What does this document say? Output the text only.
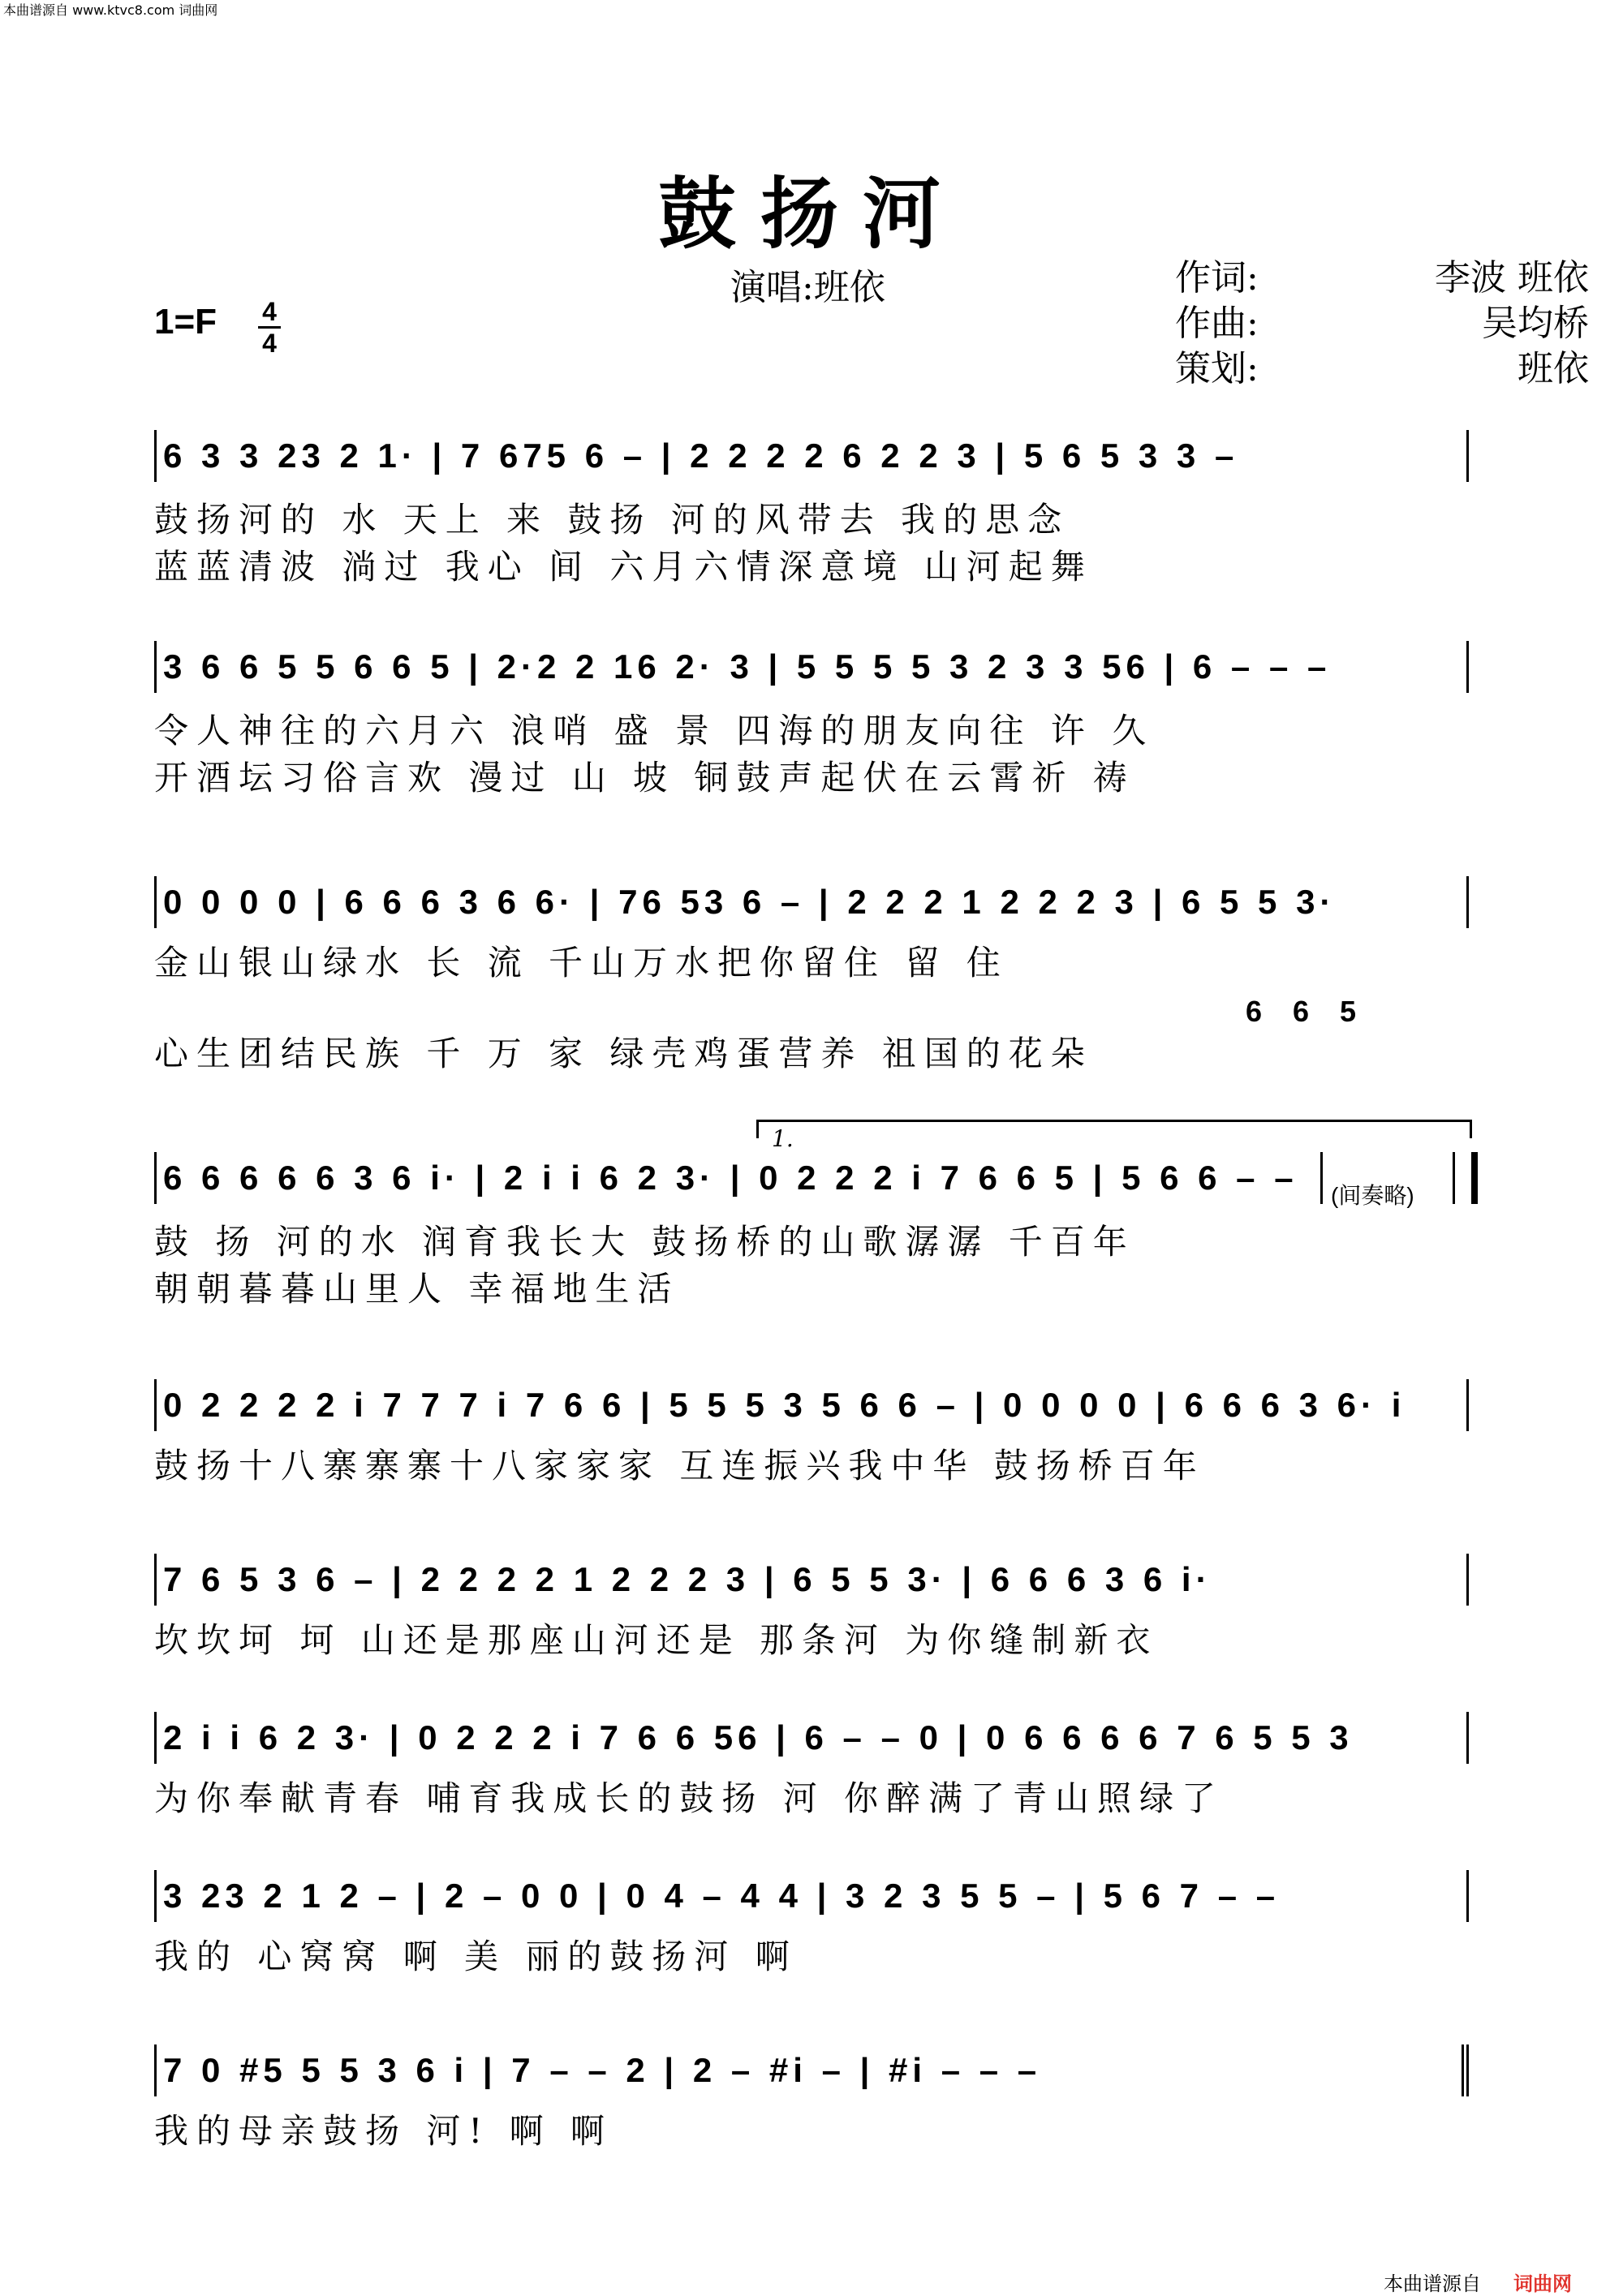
本曲谱源自 www.ktvc8.com 词曲网
鼓扬河
演唱:班依	作词:	李波 班依
作曲:	吴均桥
策划:	班依
1=F 4
4
6 3 3 23 2 1· | 7 675 6 – | 2 2 2 2 6 2 2 3 | 5 6 5 3 3 –
鼓扬河的 水 天上 来 鼓扬 河的风带去 我的思念
蓝蓝清波 淌过 我心 间 六月六情深意境 山河起舞
3 6 6 5 5 6 6 5 | 2·2 2 16 2· 3 | 5 5 5 5 3 2 3 3 56 | 6 – – –
令人神往的六月六 浪哨 盛 景 四海的朋友向往 许 久
开酒坛习俗言欢 漫过 山 坡 铜鼓声起伏在云霄祈 祷
0 0 0 0 | 6 6 6 3 6 6· | 76 53 6 – | 2 2 2 1 2 2 2 3 | 6 5 5 3·
金山银山绿水 长 流 千山万水把你留住 留 住
心生团结民族 千 万 家 绿壳鸡蛋营养 祖国的花朵
6 6 5
1.
6 6 6 6 6 3 6 i· | 2 i i 6 2 3· | 0 2 2 2 i 7 6 6 5 | 5 6 6 – –
鼓 扬 河的水 润育我长大 鼓扬桥的山歌潺潺 千百年
朝朝暮暮山里人 幸福地生活
(间奏略)
0 2 2 2 2 i 7 7 7 i 7 6 6 | 5 5 5 3 5 6 6 – | 0 0 0 0 | 6 6 6 3 6· i
鼓扬十八寨寨寨十八家家家 互连振兴我中华 鼓扬桥百年
7 6 5 3 6 – | 2 2 2 2 1 2 2 2 3 | 6 5 5 3· | 6 6 6 3 6 i·
坎坎坷 坷 山还是那座山河还是 那条河 为你缝制新衣
2 i i 6 2 3· | 0 2 2 2 i 7 6 6 56 | 6 – – 0 | 0 6 6 6 6 7 6 5 5 3
为你奉献青春 哺育我成长的鼓扬 河 你醉满了青山照绿了
3 23 2 1 2 – | 2 – 0 0 | 0 4 – 4 4 | 3 2 3 5 5 – | 5 6 7 – –
我的 心窝窝 啊 美 丽的鼓扬河 啊
7 0 #5 5 5 3 6 i | 7 – – 2 | 2 – #i – | #i – – –
我的母亲鼓扬 河! 啊 啊
本曲谱源自 词曲网
